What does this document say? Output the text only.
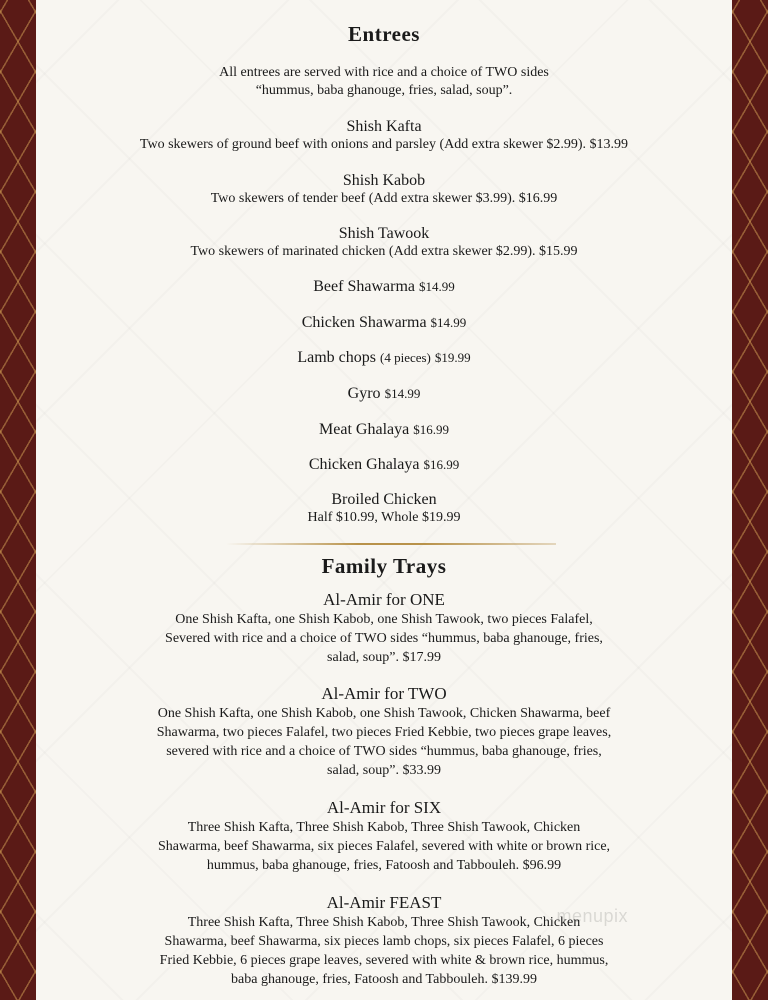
Entrees
All entrees are served with rice and a choice of TWO sides
“hummus, baba ghanouge, fries, salad, soup”.
Shish Kafta
Two skewers of ground beef with onions and parsley (Add extra skewer $2.99). $13.99
Shish Kabob
Two skewers of tender beef (Add extra skewer $3.99). $16.99
Shish Tawook
Two skewers of marinated chicken (Add extra skewer $2.99). $15.99
Beef Shawarma $14.99
Chicken Shawarma $14.99
Lamb chops (4 pieces) $19.99
Gyro $14.99
Meat Ghalaya $16.99
Chicken Ghalaya $16.99
Broiled Chicken
Half $10.99, Whole $19.99
Family Trays
Al-Amir for ONE
One Shish Kafta, one Shish Kabob, one Shish Tawook, two pieces Falafel,
Severed with rice and a choice of TWO sides “hummus, baba ghanouge, fries,
salad, soup”. $17.99
Al-Amir for TWO
One Shish Kafta, one Shish Kabob, one Shish Tawook, Chicken Shawarma, beef
Shawarma, two pieces Falafel, two pieces Fried Kebbie, two pieces grape leaves,
severed with rice and a choice of TWO sides “hummus, baba ghanouge, fries,
salad, soup”. $33.99
Al-Amir for SIX
Three Shish Kafta, Three Shish Kabob, Three Shish Tawook, Chicken
Shawarma, beef Shawarma, six pieces Falafel, severed with white or brown rice,
hummus, baba ghanouge, fries, Fatoosh and Tabbouleh. $96.99
menupix
Al-Amir FEAST
Three Shish Kafta, Three Shish Kabob, Three Shish Tawook, Chicken
Shawarma, beef Shawarma, six pieces lamb chops, six pieces Falafel, 6 pieces
Fried Kebbie, 6 pieces grape leaves, severed with white & brown rice, hummus,
baba ghanouge, fries, Fatoosh and Tabbouleh. $139.99
